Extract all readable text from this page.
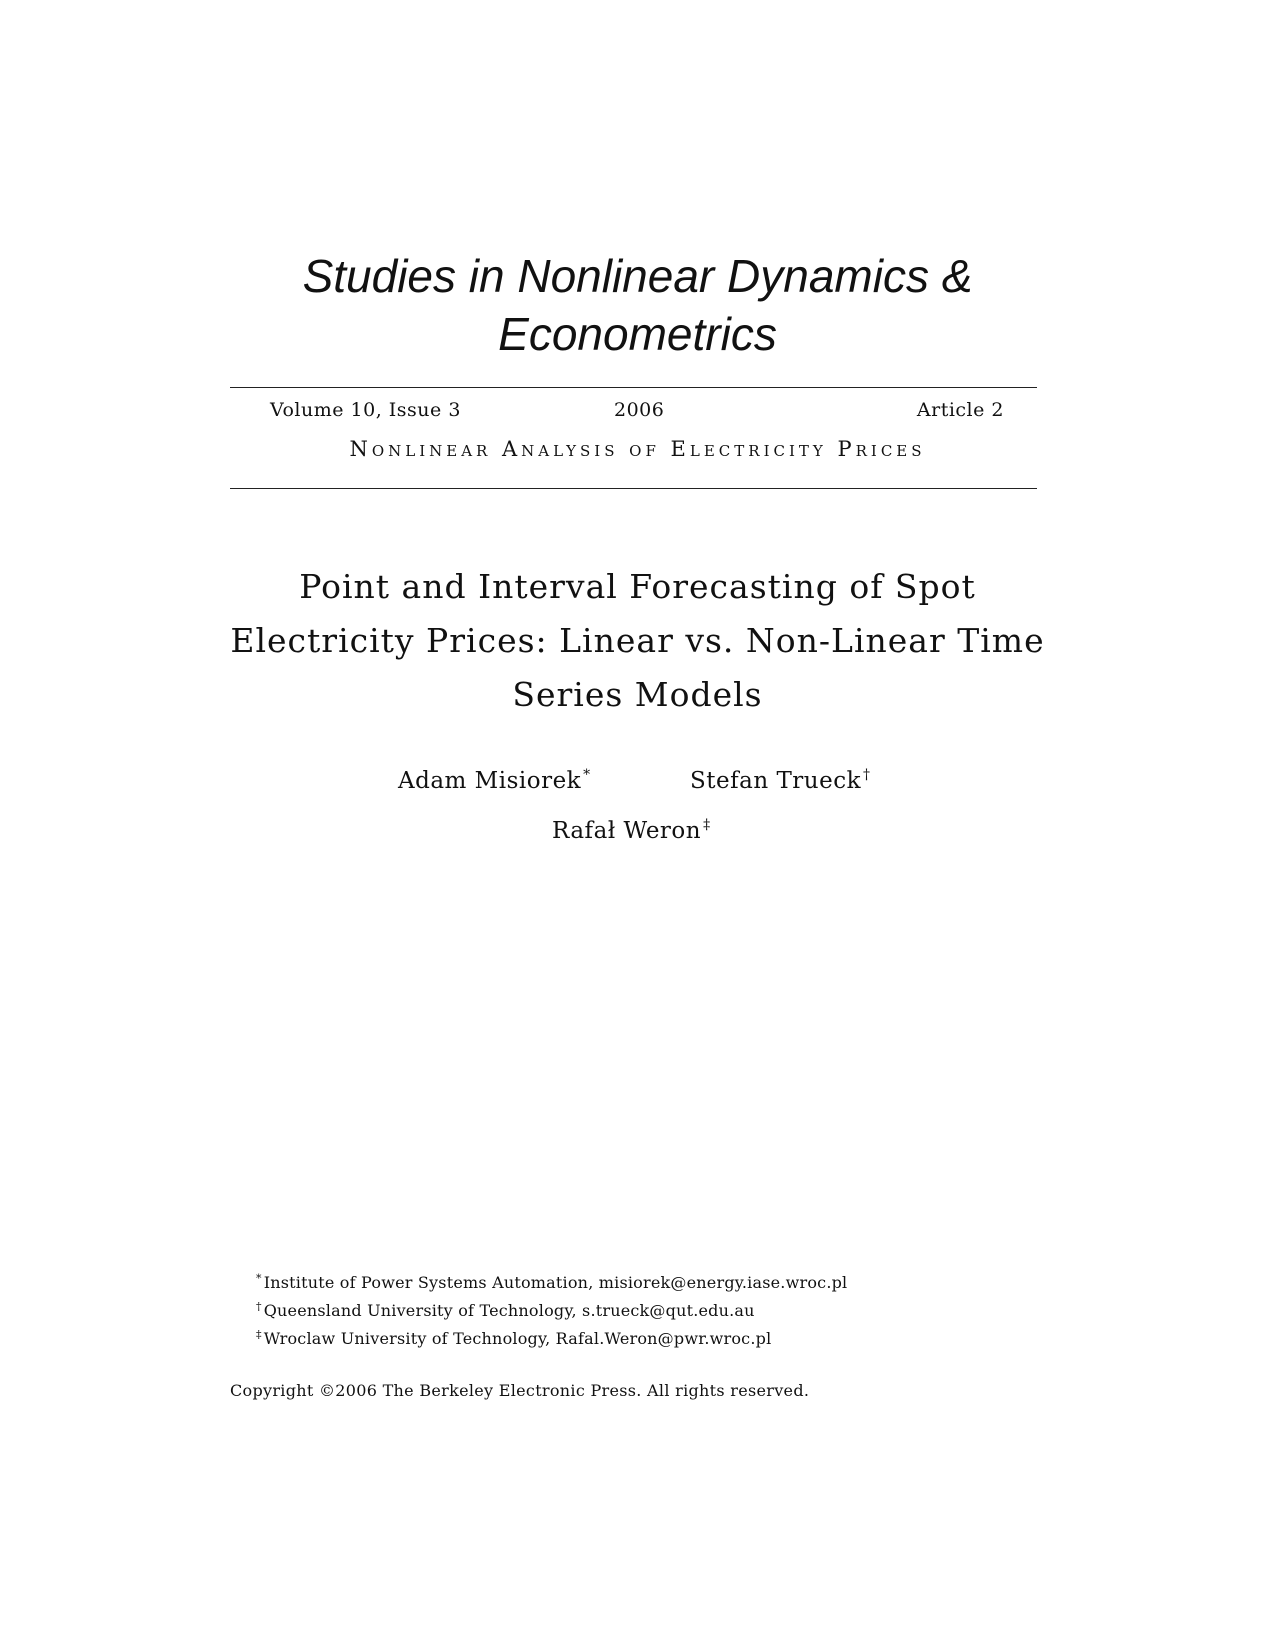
Studies in Nonlinear Dynamics &
Econometrics
Volume 10, Issue 3	2006	Article 2
Nonlinear Analysis of Electricity Prices
Point and Interval Forecasting of Spot
Electricity Prices: Linear vs. Non-Linear Time
Series Models
Adam Misiorek *	Stefan Trueck †
Rafał Weron ‡
* Institute of Power Systems Automation, misiorek@energy.iase.wroc.pl
† Queensland University of Technology, s.trueck@qut.edu.au
‡ Wroclaw University of Technology, Rafal.Weron@pwr.wroc.pl
Copyright ©2006 The Berkeley Electronic Press. All rights reserved.
